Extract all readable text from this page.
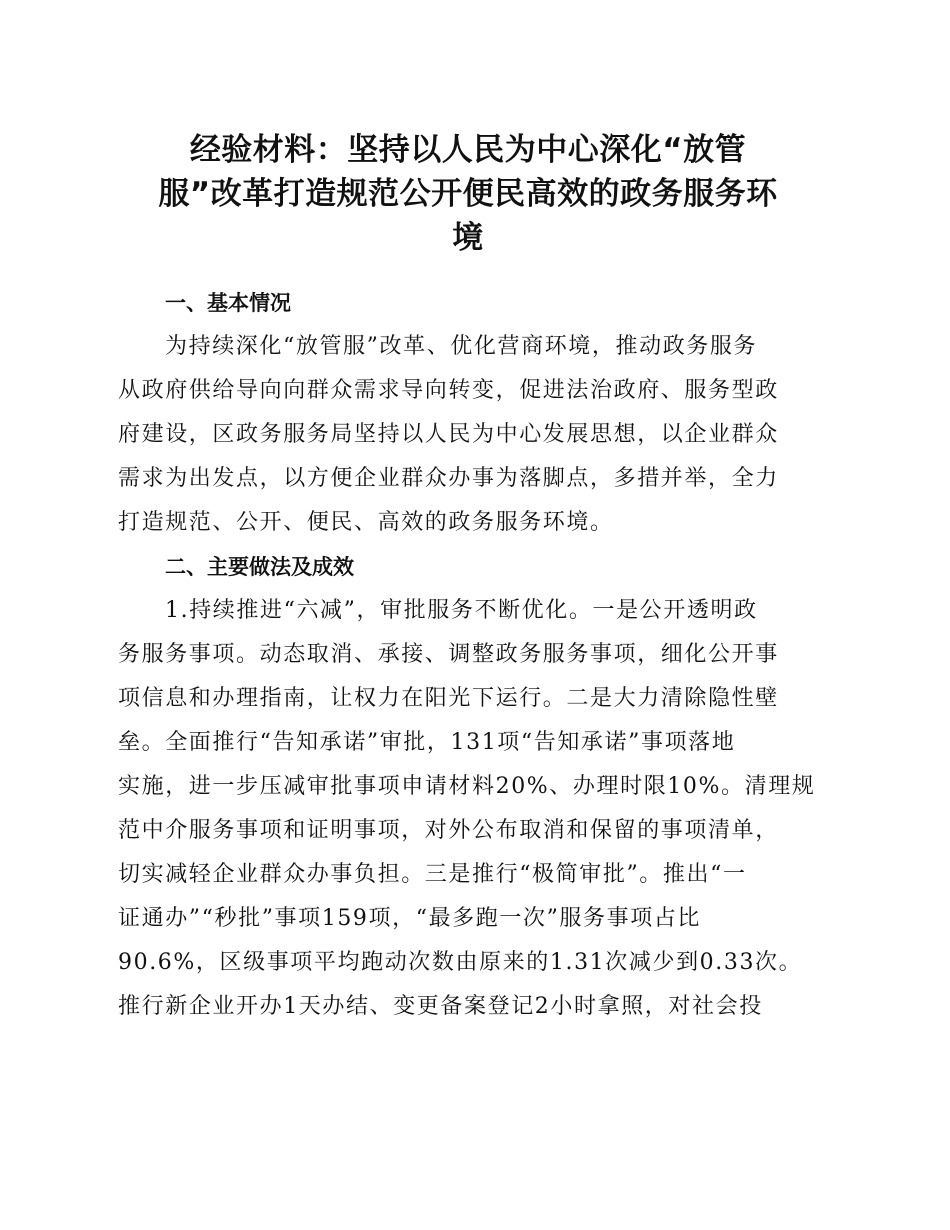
经验材料：坚持以人民为中心深化“放管
服”改革打造规范公开便民高效的政务服务环
境
一、基本情况
为持续深化“放管服”改革、优化营商环境，推动政务服务
从政府供给导向向群众需求导向转变，促进法治政府、服务型政
府建设，区政务服务局坚持以人民为中心发展思想，以企业群众
需求为出发点，以方便企业群众办事为落脚点，多措并举，全力
打造规范、公开、便民、高效的政务服务环境。
二、主要做法及成效
1.持续推进“六减”，审批服务不断优化。一是公开透明政
务服务事项。动态取消、承接、调整政务服务事项，细化公开事
项信息和办理指南，让权力在阳光下运行。二是大力清除隐性壁
垒。全面推行“告知承诺”审批，131项“告知承诺”事项落地
实施，进一步压减审批事项申请材料20%、办理时限10%。清理规
范中介服务事项和证明事项，对外公布取消和保留的事项清单，
切实减轻企业群众办事负担。三是推行“极简审批”。推出“一
证通办”“秒批”事项159项，“最多跑一次”服务事项占比
90.6%，区级事项平均跑动次数由原来的1.31次减少到0.33次。
推行新企业开办1天办结、变更备案登记2小时拿照，对社会投
